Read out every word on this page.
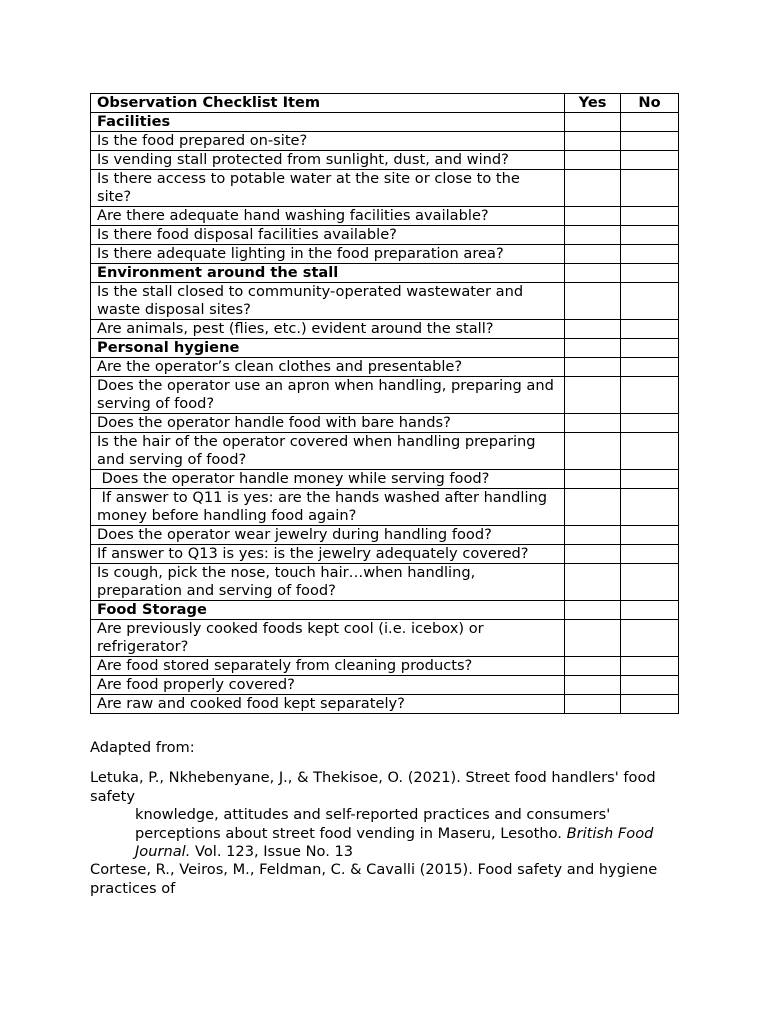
Observation Checklist Item	Yes	No
Facilities		
Is the food prepared on-site?		
Is vending stall protected from sunlight, dust, and wind?		
Is there access to potable water at the site or close to the site?		
Are there adequate hand washing facilities available?		
Is there food disposal facilities available?		
Is there adequate lighting in the food preparation area?		
Environment around the stall		
Is the stall closed to community-operated wastewater and waste disposal sites?		
Are animals, pest (flies, etc.) evident around the stall?		
Personal hygiene		
Are the operator’s clean clothes and presentable?		
Does the operator use an apron when handling, preparing and serving of food?		
Does the operator handle food with bare hands?		
Is the hair of the operator covered when handling preparing and serving of food?		
Does the operator handle money while serving food?		
If answer to Q11 is yes: are the hands washed after handling money before handling food again?		
Does the operator wear jewelry during handling food?		
If answer to Q13 is yes: is the jewelry adequately covered?		
Is cough, pick the nose, touch hair…when handling, preparation and serving of food?		
Food Storage		
Are previously cooked foods kept cool (i.e. icebox) or refrigerator?		
Are food stored separately from cleaning products?		
Are food properly covered?		
Are raw and cooked food kept separately?		

Adapted from:

Letuka, P., Nkhebenyane, J., & Thekisoe, O. (2021). Street food handlers' food safety

knowledge, attitudes and self-reported practices and consumers' perceptions about street food vending in Maseru, Lesotho. British Food Journal. Vol. 123, Issue No. 13

Cortese, R., Veiros, M., Feldman, C. & Cavalli (2015). Food safety and hygiene practices of
